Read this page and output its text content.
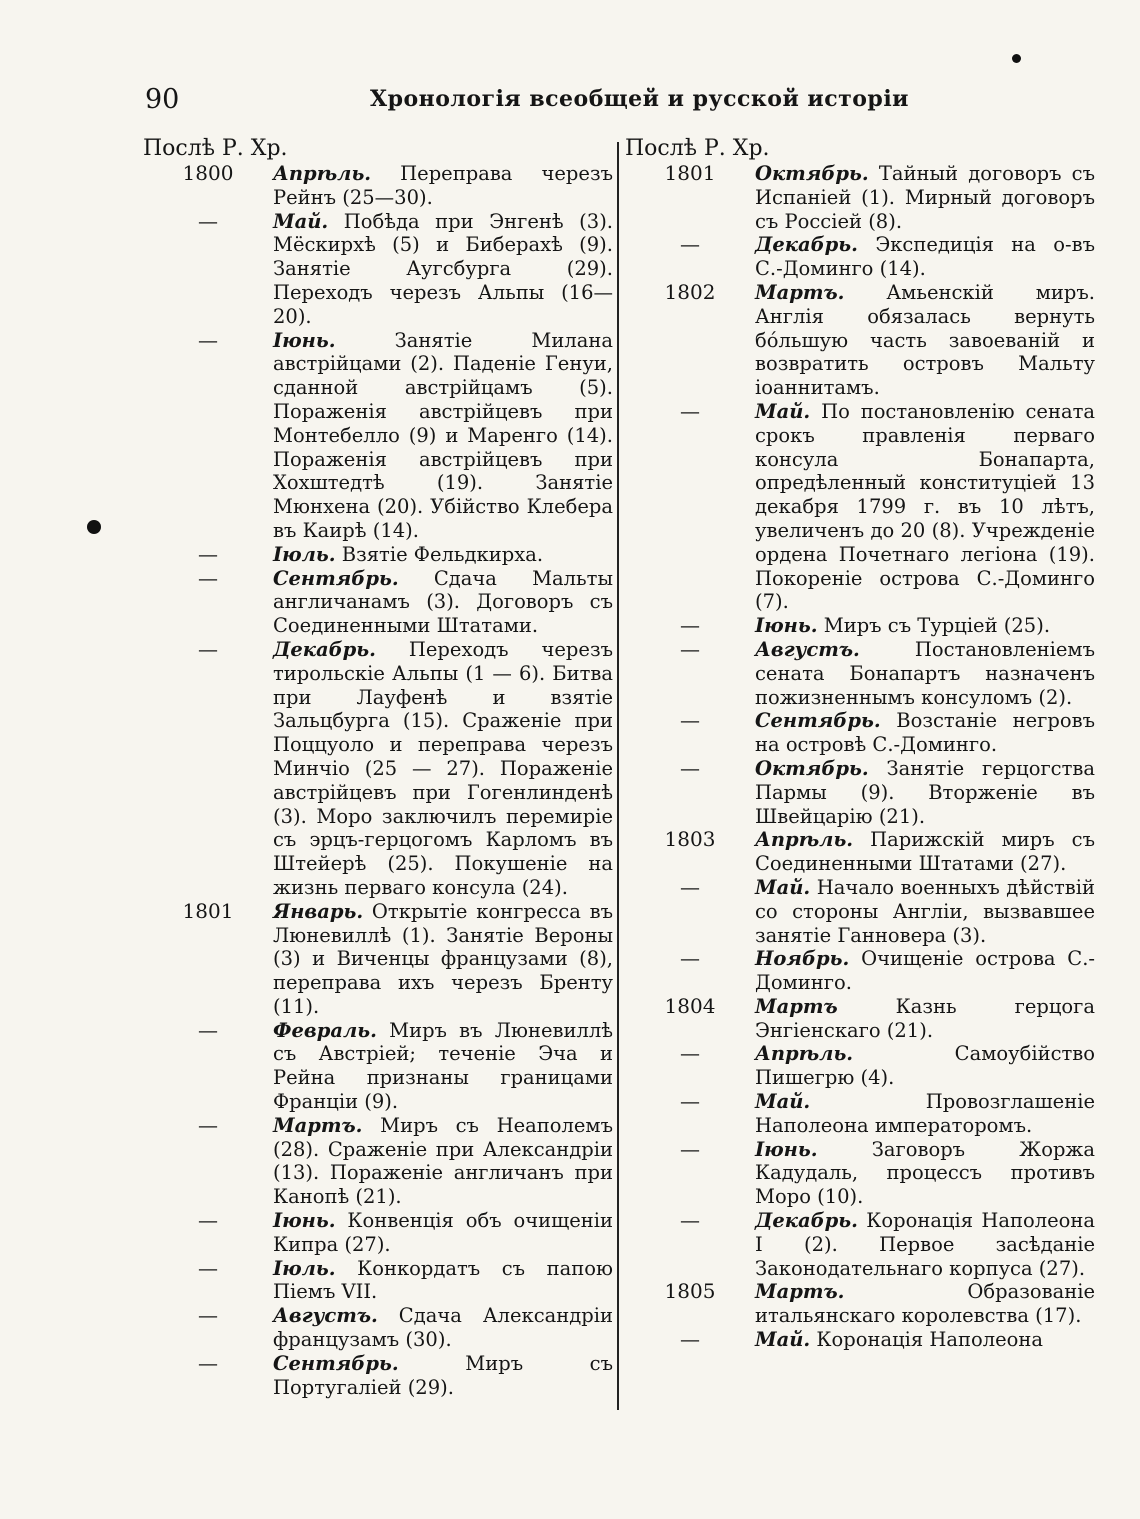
90	Хронологія всеобщей и русской исторіи
Послѣ Р. Хр.
1800	Апрѣль. Переправа черезъ Рейнъ (25—30).
—	Май. Побѣда при Энгенѣ (3). Мёскирхѣ (5) и Биберахѣ (9). Занятіе Аугсбурга (29). Переходъ черезъ Альпы (16—20).
—	Іюнь.	Занятіе Милана австрійцами (2). Паденіе Генуи, сданной австрійцамъ (5). Пораженія австрійцевъ при Монтебелло (9) и Маренго (14). Пораженія австрійцевъ при Хохштедтѣ (19). Занятіе Мюнхена (20). Убійство Клебера въ Каирѣ (14).
—	Іюль. Взятіе Фельдкирха.
—	Сентябрь. Сдача Мальты англичанамъ (3). Договоръ съ Соединенными Штатами.
—	Декабрь. Переходъ черезъ тирольскіе Альпы (1 — 6). Битва при Лауфенѣ и взятіе Зальцбурга (15). Сраженіе при Поццуоло и переправа черезъ Минчіо (25 — 27). Пораженіе австрійцевъ при Гогенлинденѣ (3). Моро заключилъ перемиріе съ эрцъ-герцогомъ Карломъ въ Штейерѣ (25). Покушеніе на жизнь перваго консула (24).
1801	Январь. Открытіе конгресса въ Люневиллѣ (1). Занятіе Вероны (3) и Виченцы французами (8), переправа ихъ черезъ Бренту (11).
—	Февраль. Миръ въ Люневиллѣ съ Австріей; теченіе Эча и Рейна признаны границами Франціи (9).
—	Мартъ. Миръ съ Неаполемъ (28). Сраженіе при Александріи (13). Пораженіе англичанъ при Канопѣ (21).
—	Іюнь. Конвенція объ очищеніи Кипра (27).
—	Іюль. Конкордатъ съ папою Піемъ VII.
—	Августъ. Сдача Александріи французамъ (30).
—	Сентябрь.	Миръ съ Португаліей (29).
Послѣ Р. Хр.
1801	Октябрь. Тайный договоръ съ Испаніей (1). Мирный договоръ съ Россіей (8).
—	Декабрь. Экспедиція на о-въ С.-Доминго (14).
1802	Мартъ. Амьенскій миръ. Англія обязалась вернуть бóльшую часть завоеваній и возвратить островъ Мальту іоаннитамъ.
—	Май. По постановленію сената срокъ правленія перваго консула Бонапарта, опредѣленный конституціей 13 декабря 1799 г. въ 10 лѣтъ, увеличенъ до 20 (8). Учрежденіе ордена Почетнаго легіона (19). Покореніе острова С.-Доминго (7).
—	Іюнь. Миръ съ Турціей (25).
—	Августъ.	Постановленіемъ сената Бонапартъ назначенъ пожизненнымъ консуломъ (2).
—	Сентябрь. Возстаніе негровъ на островѣ С.-Доминго.
—	Октябрь. Занятіе герцогства Пармы (9). Вторженіе въ Швейцарію (21).
1803	Апрѣль. Парижскій миръ съ Соединенными Штатами (27).
—	Май. Начало военныхъ дѣйствій со стороны Англіи, вызвавшее занятіе Ганновера (3).
—	Ноябрь. Очищеніе острова С.-Доминго.
1804	Мартъ	Казнь герцога Энгіенскаго (21).
—	Апрѣль.	Самоубійство Пишегрю (4).
—	Май.	Провозглашеніе Наполеона императоромъ.
—	Іюнь.	Заговоръ Жоржа Кадудаль, процессъ противъ Моро (10).
—	Декабрь. Коронація Наполеона I (2). Первое засѣданіе Законодательнаго корпуса (27).
1805	Мартъ.	Образованіе итальянскаго королевства (17).
—	Май. Коронація Наполеона
